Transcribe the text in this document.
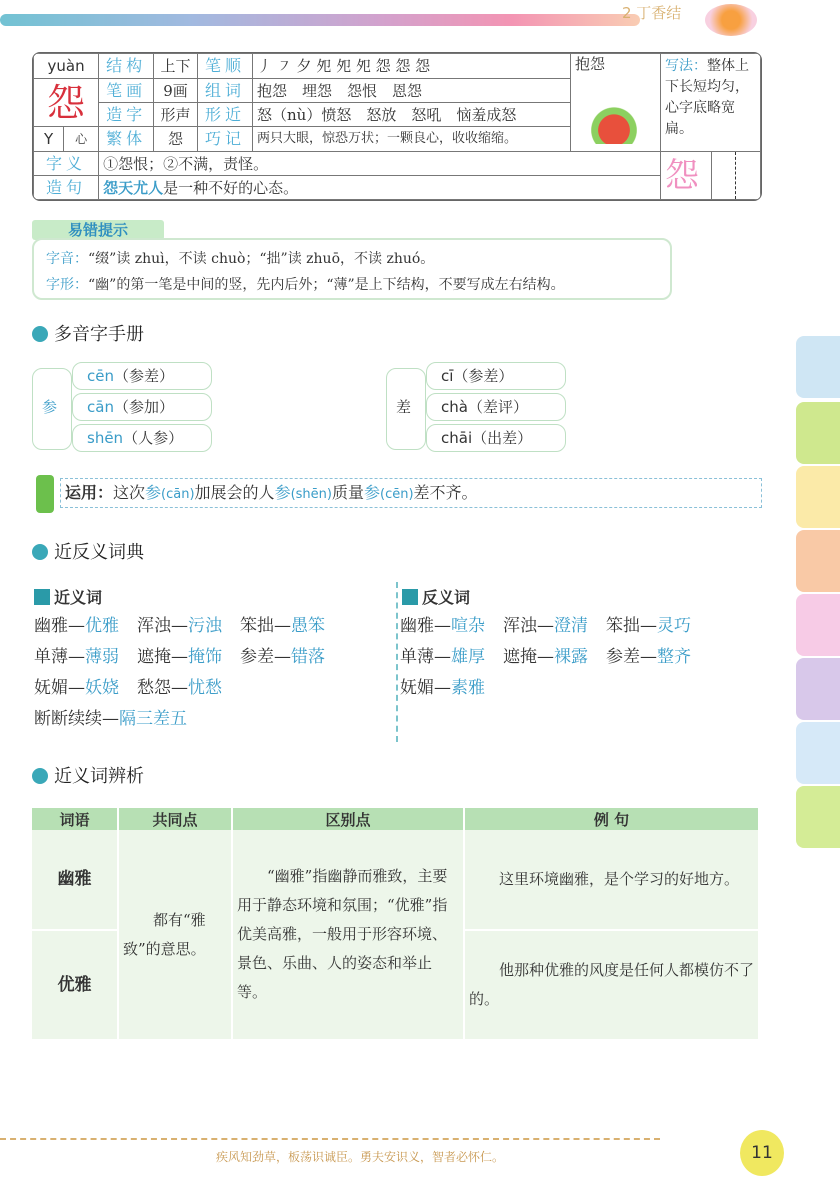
2 丁香结
yuàn		结构	上下	笔顺	丿 ㇇ 夕 夗 夗 夗 怨 怨 怨	抱怨	写法：整体上下长短均匀，心字底略宽扁。
怨		笔画	9画	组词	抱怨　埋怨　怨恨　恩怨		
		造字	形声	形近	怒（nù）愤怒　怒放　怒吼　恼羞成怒		
Y	心	繁体	怨	巧记	两只大眼，惊恐万状；一颗良心，收收缩缩。		
字义		①怨恨；②不满，责怪。					怨

造句		怨天尤人是一种不好的心态。					
易错提示
字音：“缀”读 zhuì，不读 chuò；“拙”读 zhuō，不读 zhuó。
字形：“幽”的第一笔是中间的竖，先内后外；“薄”是上下结构，不要写成左右结构。
多音字手册
参
cēn（参差）
cān（参加）
shēn（人参）
差
cī（参差）
chà（差评）
chāi（出差）
运用：这次参(cān)加展会的人参(shēn)质量参(cēn)差不齐。
近反义词典
近义词
幽雅—优雅 浑浊—污浊 笨拙—愚笨
单薄—薄弱 遮掩—掩饰 参差—错落
妩媚—妖娆 愁怨—忧愁
断断续续—隔三差五
反义词
幽雅—喧杂 浑浊—澄清 笨拙—灵巧
单薄—雄厚 遮掩—裸露 参差—整齐
妩媚—素雅
近义词辨析
词语	共同点	区别点	例 句
幽雅	　　都有“雅致”的意思。	　　“幽雅”指幽静而雅致，主要用于静态环境和氛围；“优雅”指优美高雅，一般用于形容环境、景色、乐曲、人的姿态和举止等。	　　这里环境幽雅，是个学习的好地方。
优雅			　　他那种优雅的风度是任何人都模仿不了的。
疾风知劲草，板荡识诚臣。勇夫安识义，智者必怀仁。	11
